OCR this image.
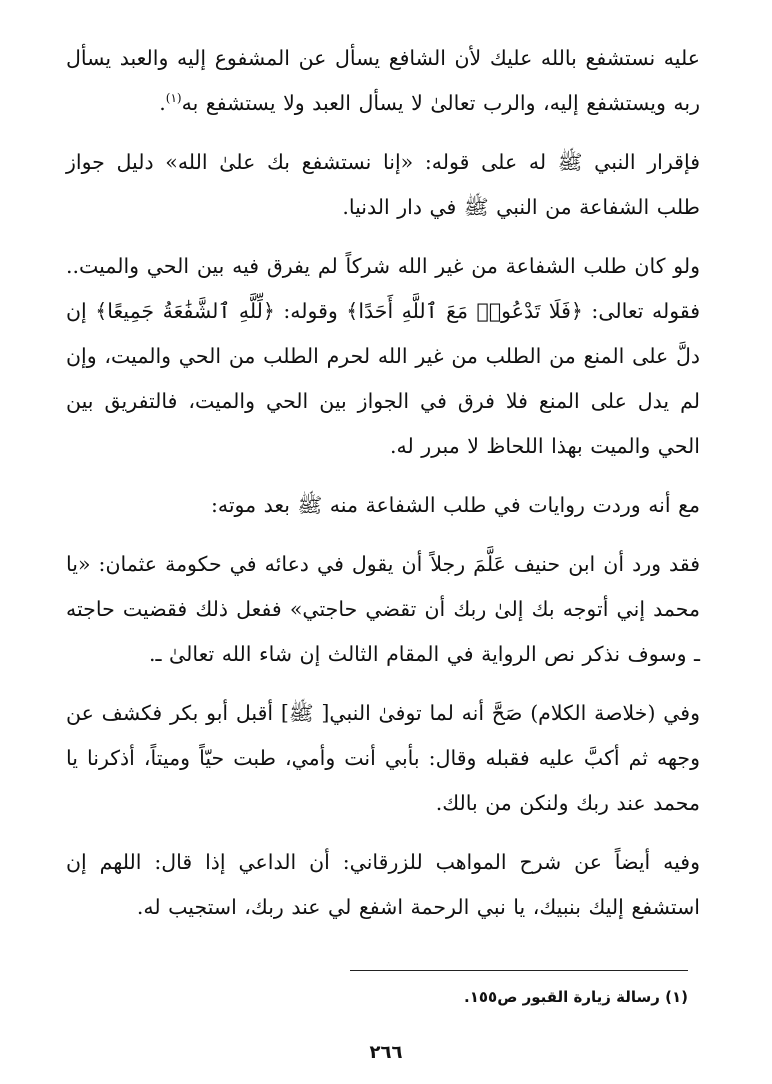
عليه نستشفع بالله عليك لأن الشافع يسأل عن المشفوع إليه والعبد يسأل ربه ويستشفع إليه، والرب تعالىٰ لا يسأل العبد ولا يستشفع به$^{(١)}$.

فإقرار النبي ﷺ له على قوله: «إنا نستشفع بك علىٰ الله» دليل جواز طلب الشفاعة من النبي ﷺ في دار الدنيا.

ولو كان طلب الشفاعة من غير الله شركاً لم يفرق فيه بين الحي والميت.. فقوله تعالى: ﴿فَلَا تَدْعُوا۟ مَعَ ٱللَّهِ أَحَدًا﴾ وقوله: ﴿لِّلَّهِ ٱلشَّفَٰعَةُ جَمِيعًا﴾ إن دلَّ على المنع من الطلب من غير الله لحرم الطلب من الحي والميت، وإن لم يدل على المنع فلا فرق في الجواز بين الحي والميت، فالتفريق بين الحي والميت بهذا اللحاظ لا مبرر له.

مع أنه وردت روايات في طلب الشفاعة منه ﷺ بعد موته:

فقد ورد أن ابن حنيف عَلَّمَ رجلاً أن يقول في دعائه في حكومة عثمان: «يا محمد إني أتوجه بك إلىٰ ربك أن تقضي حاجتي» ففعل ذلك فقضيت حاجته ـ وسوف نذكر نص الرواية في المقام الثالث إن شاء الله تعالىٰ ـ.

وفي (خلاصة الكلام) صَحَّ أنه لما توفىٰ النبي[ ﷺ] أقبل أبو بكر فكشف عن وجهه ثم أكبَّ عليه فقبله وقال: بأبي أنت وأمي، طبت حيّاً وميتاً، أذكرنا يا محمد عند ربك ولنكن من بالك.

وفيه أيضاً عن شرح المواهب للزرقاني: أن الداعي إذا قال: اللهم إن استشفع إليك بنبيك، يا نبي الرحمة اشفع لي عند ربك، استجيب له.

(١) رسالة زيارة القبور ص١٥٥.
٢٦٦
